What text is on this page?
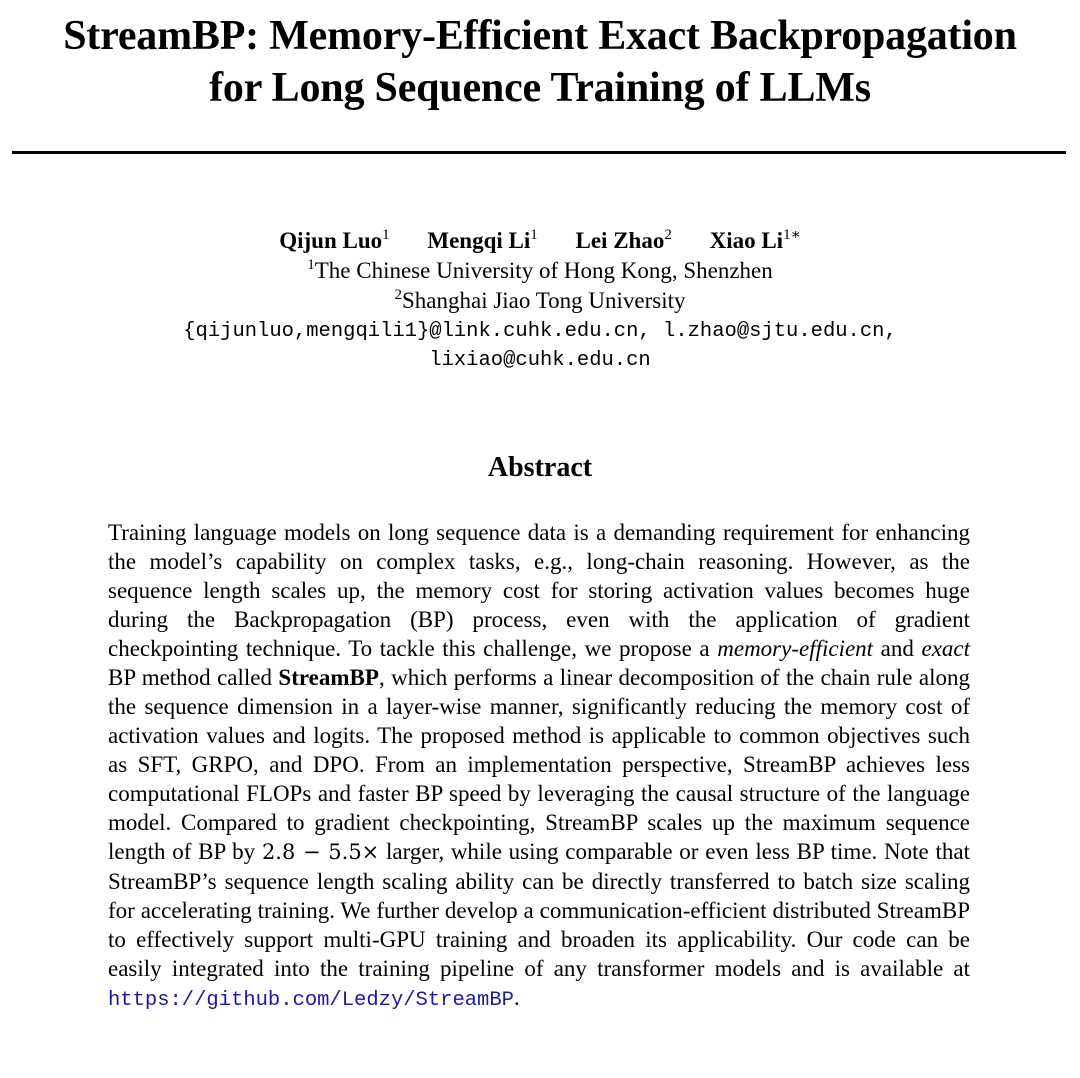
StreamBP: Memory-Efficient Exact Backpropagation
for Long Sequence Training of LLMs
Qijun Luo$^1$ Mengqi Li$^1$ Lei Zhao$^2$ Xiao $Li^{1∗}$
$^1$The Chinese University of Hong Kong, Shenzhen
$^2$Shanghai Jiao Tong University
{qijunluo,mengqili1}@link.cuhk.edu.cn, l.zhao@sjtu.edu.cn,
lixiao@cuhk.edu.cn
Abstract

Training language models on long sequence data is a demanding requirement for enhancing the model’s capability on complex tasks, e.g., long-chain reasoning. However, as the sequence length scales up, the memory cost for storing activation values becomes huge during the Backpropagation (BP) process, even with the application of gradient checkpointing technique. To tackle this challenge, we propose a memory-efficient and exact BP method called StreamBP, which performs a linear decomposition of the chain rule along the sequence dimension in a layer-wise manner, significantly reducing the memory cost of activation values and logits. The proposed method is applicable to common objectives such as SFT, GRPO, and DPO. From an implementation perspective, StreamBP achieves less computational FLOPs and faster BP speed by leveraging the causal structure of the language model. Compared to gradient checkpointing, StreamBP scales up the maximum sequence length of BP by 2.8 − 5.5× larger, while using comparable or even less BP time. Note that StreamBP’s sequence length scaling ability can be directly transferred to batch size scaling for accelerating training. We further develop a communication-efficient distributed StreamBP to effectively support multi-GPU training and broaden its applicability. Our code can be easily integrated into the training pipeline of any transformer models and is available at https://github.com/Ledzy/StreamBP.
